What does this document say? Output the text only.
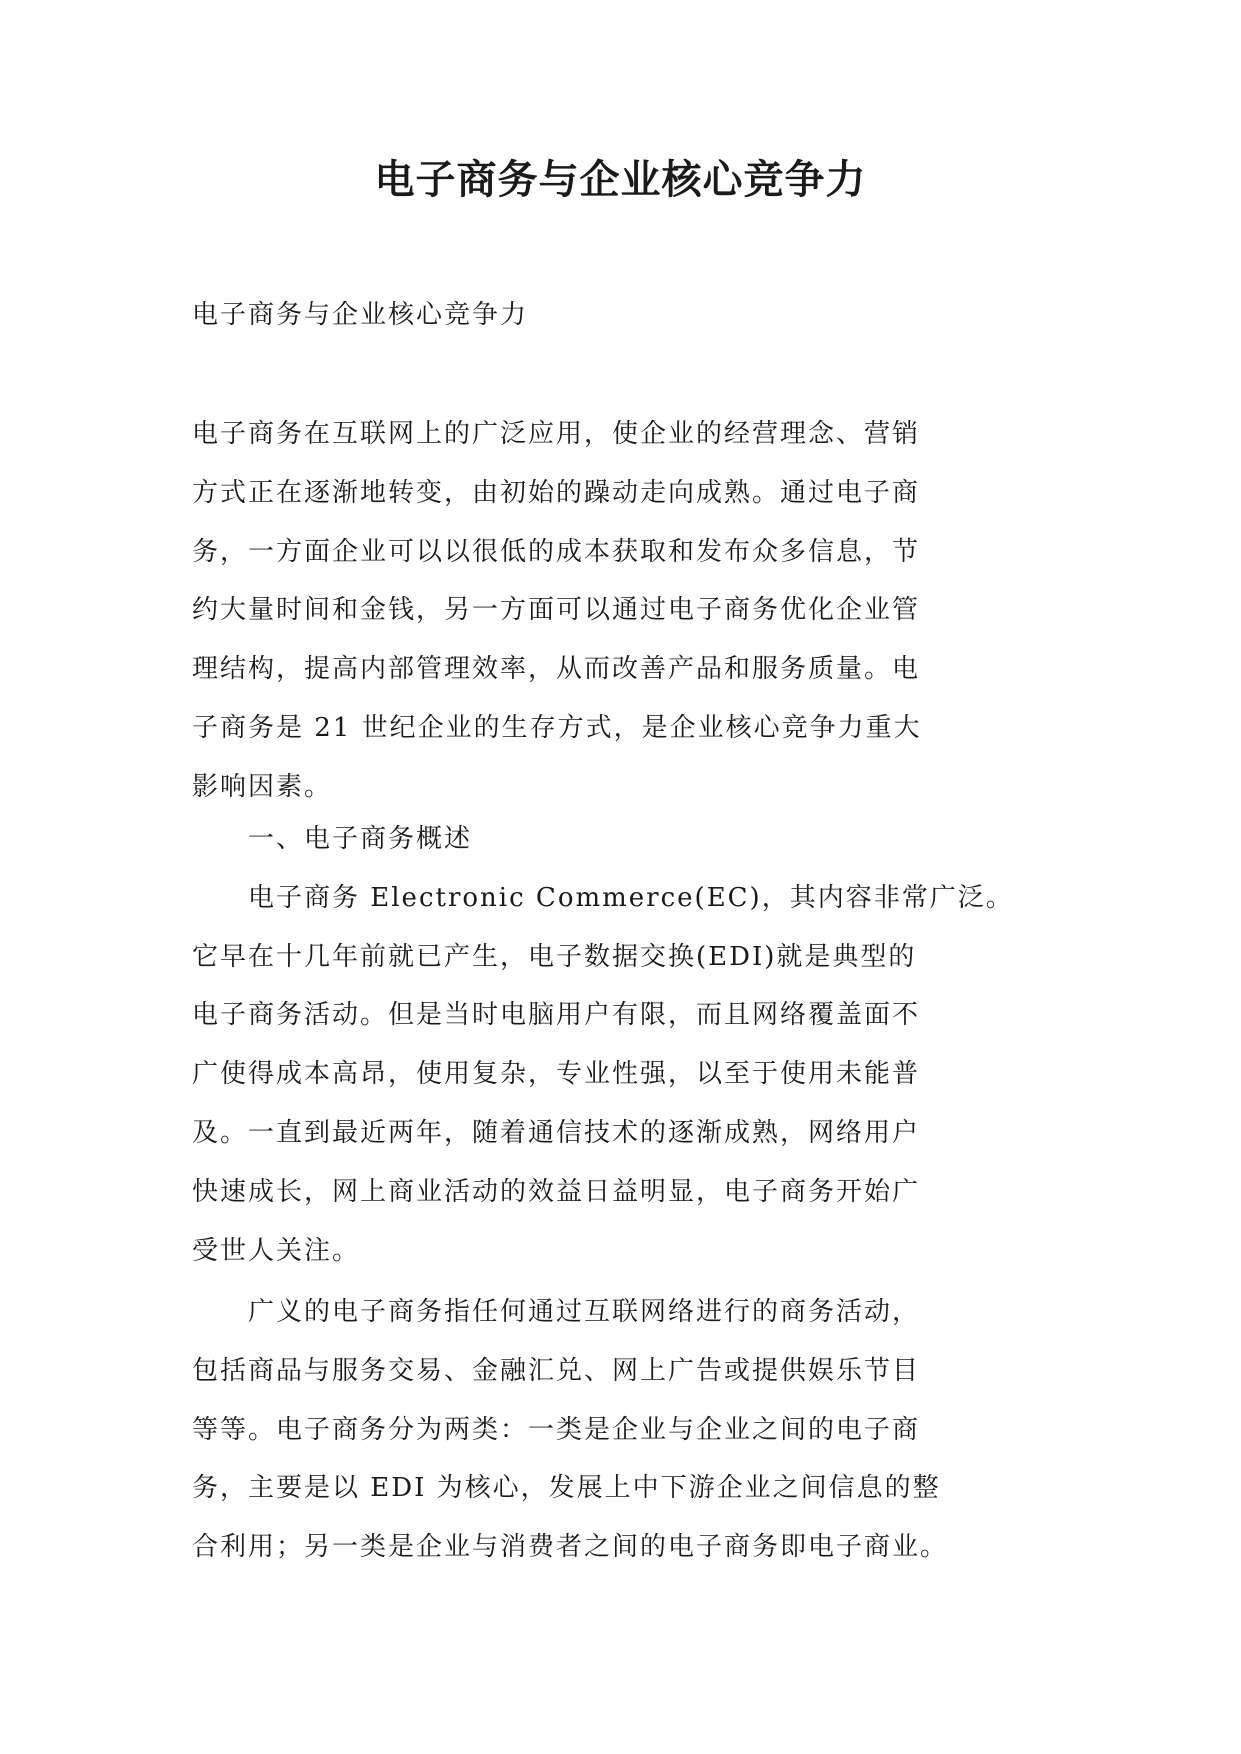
电子商务与企业核心竞争力
电子商务与企业核心竞争力
电子商务在互联网上的广泛应用，使企业的经营理念、营销
方式正在逐渐地转变，由初始的躁动走向成熟。通过电子商
务，一方面企业可以以很低的成本获取和发布众多信息，节
约大量时间和金钱，另一方面可以通过电子商务优化企业管
理结构，提高内部管理效率，从而改善产品和服务质量。电
子商务是 21 世纪企业的生存方式，是企业核心竞争力重大
影响因素。
　　一、电子商务概述
　　电子商务 Electronic Commerce(EC)，其内容非常广泛。
它早在十几年前就已产生，电子数据交换(EDI)就是典型的
电子商务活动。但是当时电脑用户有限，而且网络覆盖面不
广使得成本高昂，使用复杂，专业性强，以至于使用未能普
及。一直到最近两年，随着通信技术的逐渐成熟，网络用户
快速成长，网上商业活动的效益日益明显，电子商务开始广
受世人关注。
　　广义的电子商务指任何通过互联网络进行的商务活动，
包括商品与服务交易、金融汇兑、网上广告或提供娱乐节目
等等。电子商务分为两类：一类是企业与企业之间的电子商
务，主要是以 EDI 为核心，发展上中下游企业之间信息的整
合利用；另一类是企业与消费者之间的电子商务即电子商业。
